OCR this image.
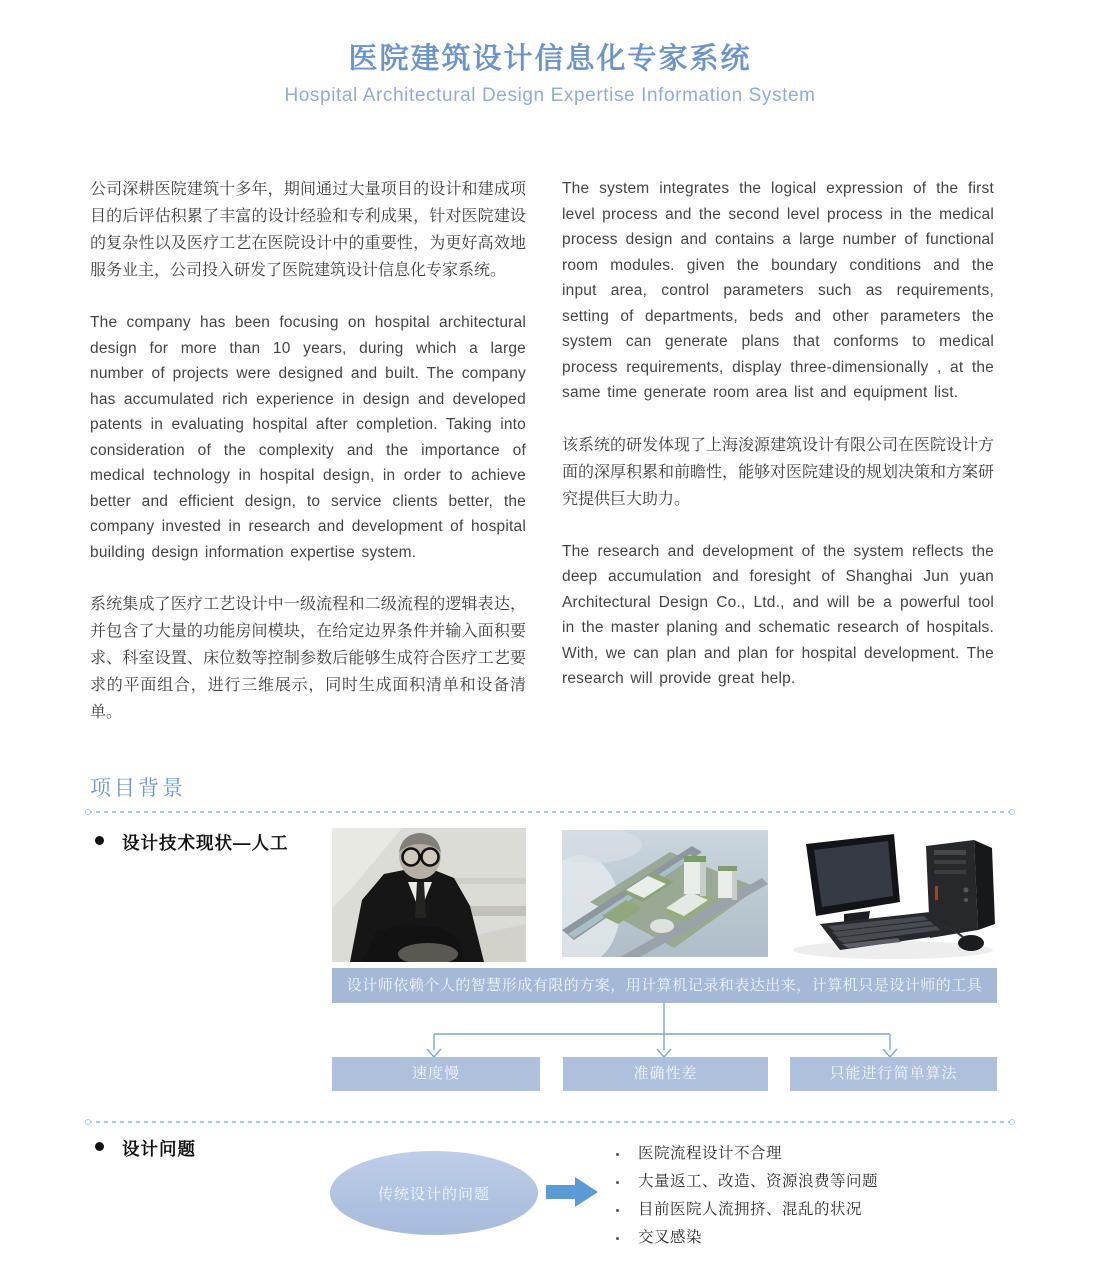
医院建筑设计信息化专家系统
Hospital Architectural Design Expertise Information System

公司深耕医院建筑十多年，期间通过大量项目的设计和建成项目的后评估积累了丰富的设计经验和专利成果，针对医院建设的复杂性以及医疗工艺在医院设计中的重要性，为更好高效地服务业主，公司投入研发了医院建筑设计信息化专家系统。

The company has been focusing on hospital architectural design for more than 10 years, during which a large number of projects were designed and built. The company has accumulated rich experience in design and developed patents in evaluating hospital after completion. Taking into consideration of the complexity and the importance of medical technology in hospital design, in order to achieve better and efficient design, to service clients better, the company invested in research and development of hospital building design information expertise system.

系统集成了医疗工艺设计中一级流程和二级流程的逻辑表达，并包含了大量的功能房间模块，在给定边界条件并输入面积要求、科室设置、床位数等控制参数后能够生成符合医疗工艺要求的平面组合，进行三维展示，同时生成面积清单和设备清单。

The system integrates the logical expression of the first level process and the second level process in the medical process design and contains a large number of functional room modules. given the boundary conditions and the input area, control parameters such as requirements, setting of departments, beds and other parameters the system can generate plans that conforms to medical process requirements, display three-dimensionally , at the same time generate room area list and equipment list.

该系统的研发体现了上海浚源建筑设计有限公司在医院设计方面的深厚积累和前瞻性，能够对医院建设的规划决策和方案研究提供巨大助力。

The research and development of the system reflects the deep accumulation and foresight of Shanghai Jun yuan Architectural Design Co., Ltd., and will be a powerful tool in the master planing and schematic research of hospitals. With, we can plan and plan for hospital development. The research will provide great help.

项目背景
设计技术现状—人工
设计师依赖个人的智慧形成有限的方案，用计算机记录和表达出来，计算机只是设计师的工具
速度慢	准确性差	只能进行简单算法
设计问题
传统设计的问题
医院流程设计不合理
大量返工、改造、资源浪费等问题
目前医院人流拥挤、混乱的状况
交叉感染
